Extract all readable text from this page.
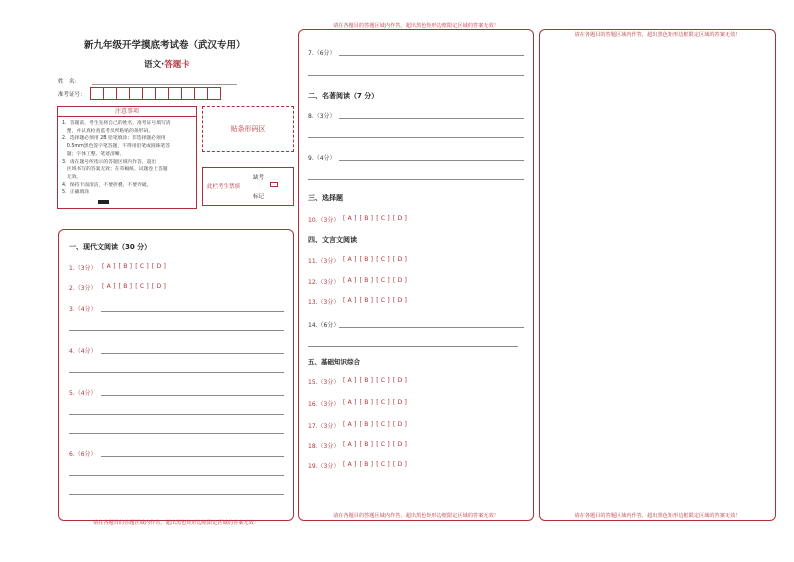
新九年级开学摸底考试卷（武汉专用）
语文·答题卡
姓　名：
准考证号：
注意事项
1．答题前，考生先将自己的姓名，准考证号填写清
　楚，并认真检查监考员所粘贴的条形码。
2．选择题必须用 2B 铅笔填涂；非选择题必须用
　0.5mm黑色签字笔答题，不得用铅笔或圆珠笔答
　题；字体工整、笔迹清晰。
3．请在题号所指示的答题区域内作答，超出
　区域书写的答案无效；在草稿纸、试题卷上答题
　无效。
4．保持卡面清洁，不要折叠、不要弄破。
5．正确填涂
贴条形码区
此栏考生禁填
缺考
标记
一、现代文阅读（30 分）
1.（3分） [ A ] [ B ] [ C ] [ D ]
2.（3分） [ A ] [ B ] [ C ] [ D ]
3.（4分）
4.（4分）
5.（4分）
6.（6分）
请在各题目的答题区域内作答，超出黑色矩形边框限定区域的答案无效！
7.（6分）
二、名著阅读（7 分）
8.（3分）
9.（4分）
三、选择题
10.（3分） [ A ] [ B ] [ C ] [ D ]
四、文言文阅读
11.（3分） [ A ] [ B ] [ C ] [ D ]
12.（3分） [ A ] [ B ] [ C ] [ D ]
13.（3分） [ A ] [ B ] [ C ] [ D ]
14.（6分）
五、基础知识综合
15.（3分） [ A ] [ B ] [ C ] [ D ]
16.（3分） [ A ] [ B ] [ C ] [ D ]
17.（3分） [ A ] [ B ] [ C ] [ D ]
18.（3分） [ A ] [ B ] [ C ] [ D ]
19.（3分） [ A ] [ B ] [ C ] [ D ]
请在各题目的答题区域内作答，超出黑色矩形边框限定区域的答案无效！
请在各题目的答题区域内作答，超出黑色矩形边框限定区域的答案无效！
请在各题目的答题区域内作答，超出黑色矩形边框限定区域的答案无效！
请在各题目的答题区域内作答，超出黑色矩形边框限定区域的答案无效！
